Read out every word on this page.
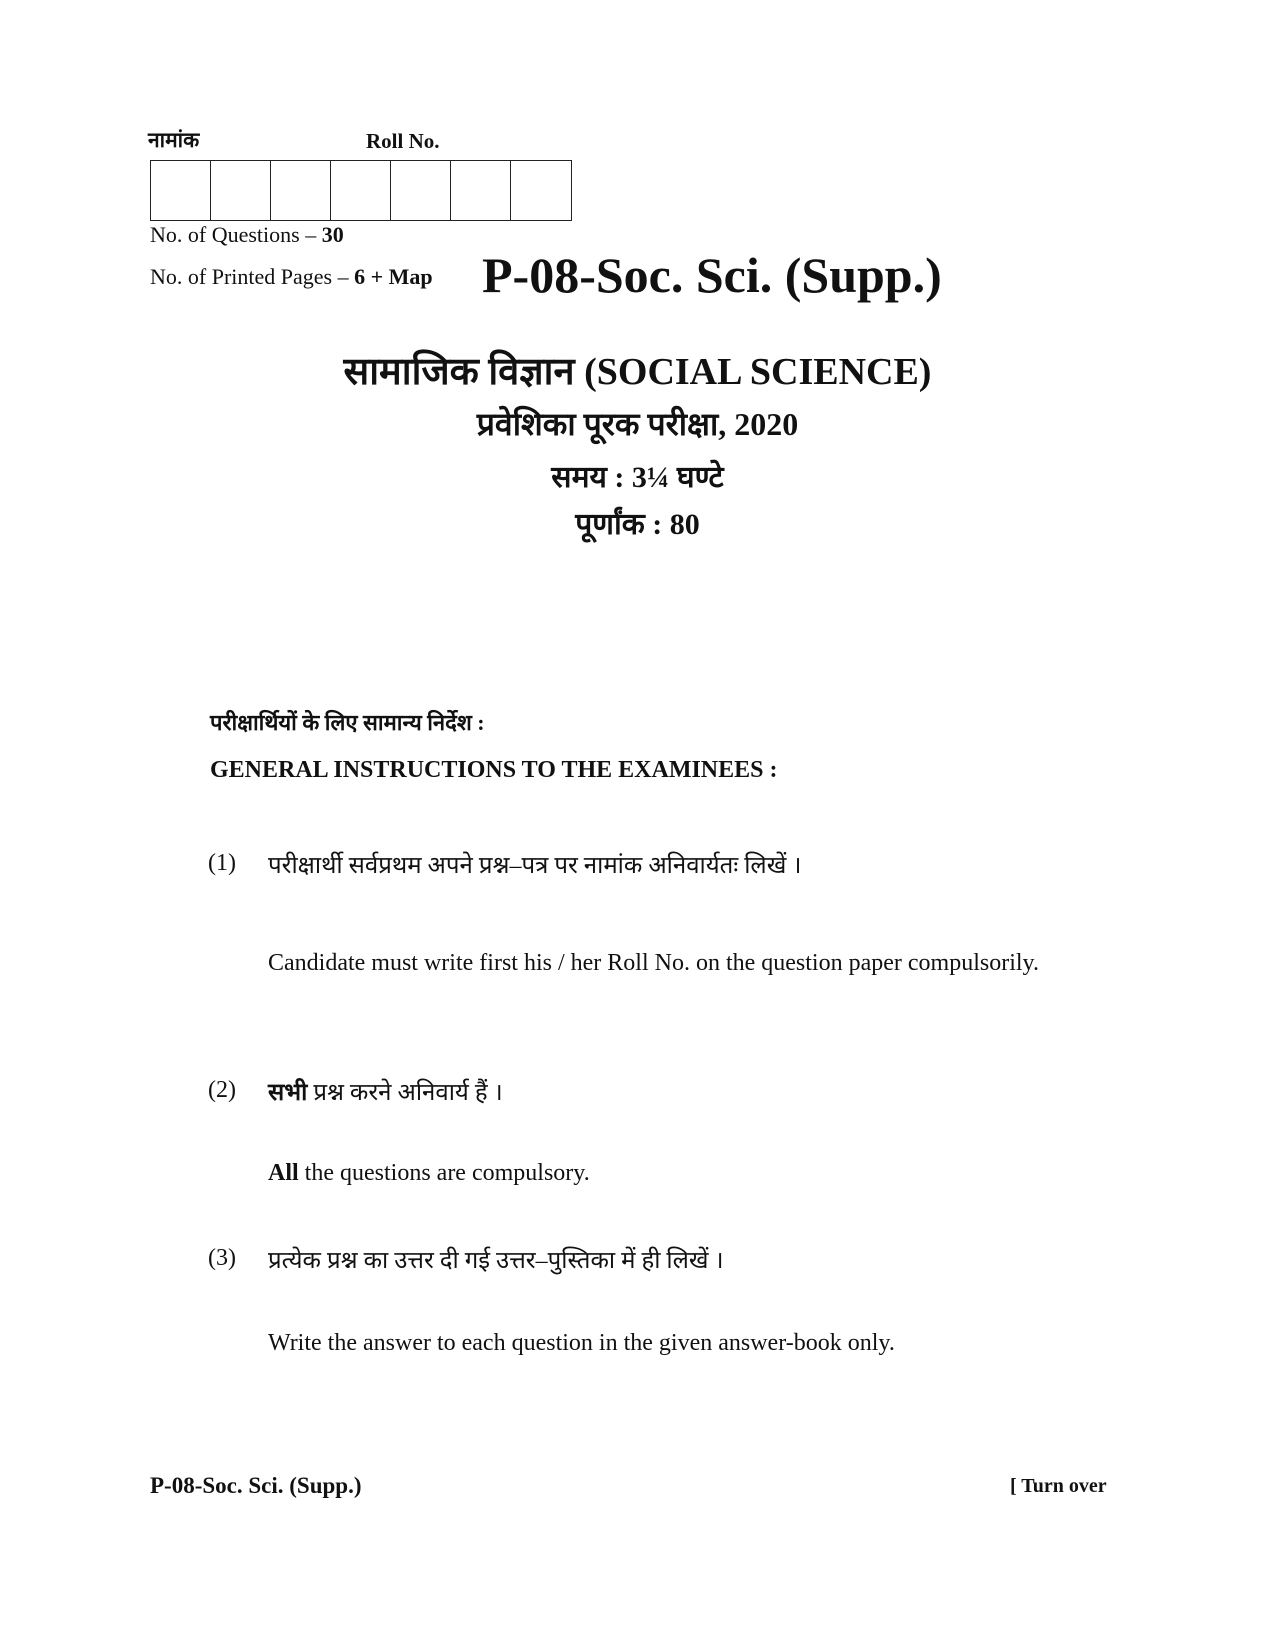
नामांक	Roll No.
No. of Questions – 30
No. of Printed Pages – 6 + Map P-08-Soc. Sci. (Supp.)
सामाजिक विज्ञान (SOCIAL SCIENCE)
प्रवेशिका पूरक परीक्षा, 2020
समय : 3¼ घण्टे
पूर्णांक : 80
परीक्षार्थियों के लिए सामान्य निर्देश :
GENERAL INSTRUCTIONS TO THE EXAMINEES :
(1) परीक्षार्थी सर्वप्रथम अपने प्रश्न–पत्र पर नामांक अनिवार्यतः लिखें ।
Candidate must write first his / her Roll No. on the question paper compulsorily.
(2) सभी प्रश्न करने अनिवार्य हैं ।
All the questions are compulsory.
(3) प्रत्येक प्रश्न का उत्तर दी गई उत्तर–पुस्तिका में ही लिखें ।
Write the answer to each question in the given answer-book only.
P-08-Soc. Sci. (Supp.)	[ Turn over
